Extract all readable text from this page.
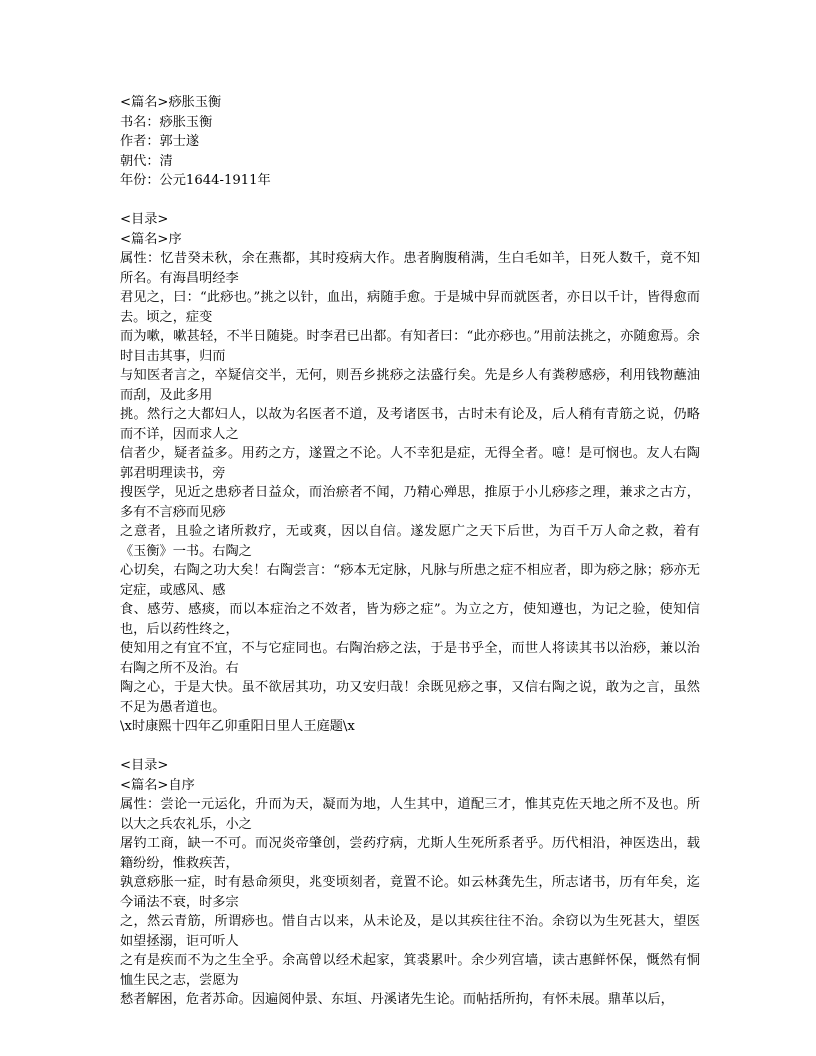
<篇名>痧胀玉衡
书名：痧胀玉衡
作者：郭士遂
朝代：清
年份：公元1644-1911年
<目录>
<篇名>序
属性：忆昔癸未秋，余在燕都，其时疫病大作。患者胸腹稍满，生白毛如羊，日死人数千，竟不知所名。有海昌明经李
君见之，曰：“此痧也。”挑之以针，血出，病随手愈。于是城中舁而就医者，亦日以千计，皆得愈而去。顷之，症变
而为嗽，嗽甚轻，不半日随毙。时李君已出都。有知者曰：“此亦痧也。”用前法挑之，亦随愈焉。余时目击其事，归而
与知医者言之，卒疑信交半，无何，则吾乡挑痧之法盛行矣。先是乡人有粪秽感痧，利用钱物蘸油而刮，及此多用
挑。然行之大都妇人，以故为名医者不道，及考诸医书，古时未有论及，后人稍有青筋之说，仍略而不详，因而求人之
信者少，疑者益多。用药之方，遂置之不论。人不幸犯是症，无得全者。噫！是可悯也。友人右陶郭君明理读书，旁
搜医学，见近之患痧者日益众，而治瘀者不闻，乃精心殚思，推原于小儿痧疹之理，兼求之古方，多有不言痧而见痧
之意者，且验之诸所救疗，无或爽，因以自信。遂发愿广之天下后世，为百千万人命之救，着有《玉衡》一书。右陶之
心切矣，右陶之功大矣！右陶尝言：“痧本无定脉，凡脉与所患之症不相应者，即为痧之脉；痧亦无定症，或感风、感
食、感劳、感痰，而以本症治之不效者，皆为痧之症”。为立之方，使知遵也，为记之验，使知信也，后以药性终之，
使知用之有宜不宜，不与它症同也。右陶治痧之法，于是书乎全，而世人将读其书以治痧，兼以治右陶之所不及治。右
陶之心，于是大快。虽不欲居其功，功又安归哉！余既见痧之事，又信右陶之说，敢为之言，虽然不足为愚者道也。
\x时康熙十四年乙卯重阳日里人王庭题\x
<目录>
<篇名>自序
属性：尝论一元运化，升而为天，凝而为地，人生其中，道配三才，惟其克佐天地之所不及也。所以大之兵农礼乐，小之
屠钓工商，缺一不可。而况炎帝肇创，尝药疗病，尤斯人生死所系者乎。历代相沿，神医迭出，载籍纷纷，惟救疾苦，
孰意痧胀一症，时有悬命须臾，兆变顷刻者，竟置不论。如云林龚先生，所志诸书，历有年矣，迄今诵法不衰，时多宗
之，然云青筋，所谓痧也。惜自古以来，从未论及，是以其疾往往不治。余窃以为生死甚大，望医如望拯溺，讵可听人
之有是疾而不为之生全乎。余高曾以经术起家，箕裘累叶。余少列宫墙，读古惠鲜怀保，慨然有恫恤生民之志，尝愿为
愁者解困，危者苏命。因遍阅仲景、东垣、丹溪诸先生论。而帖括所拘，有怀未展。鼎革以后，
